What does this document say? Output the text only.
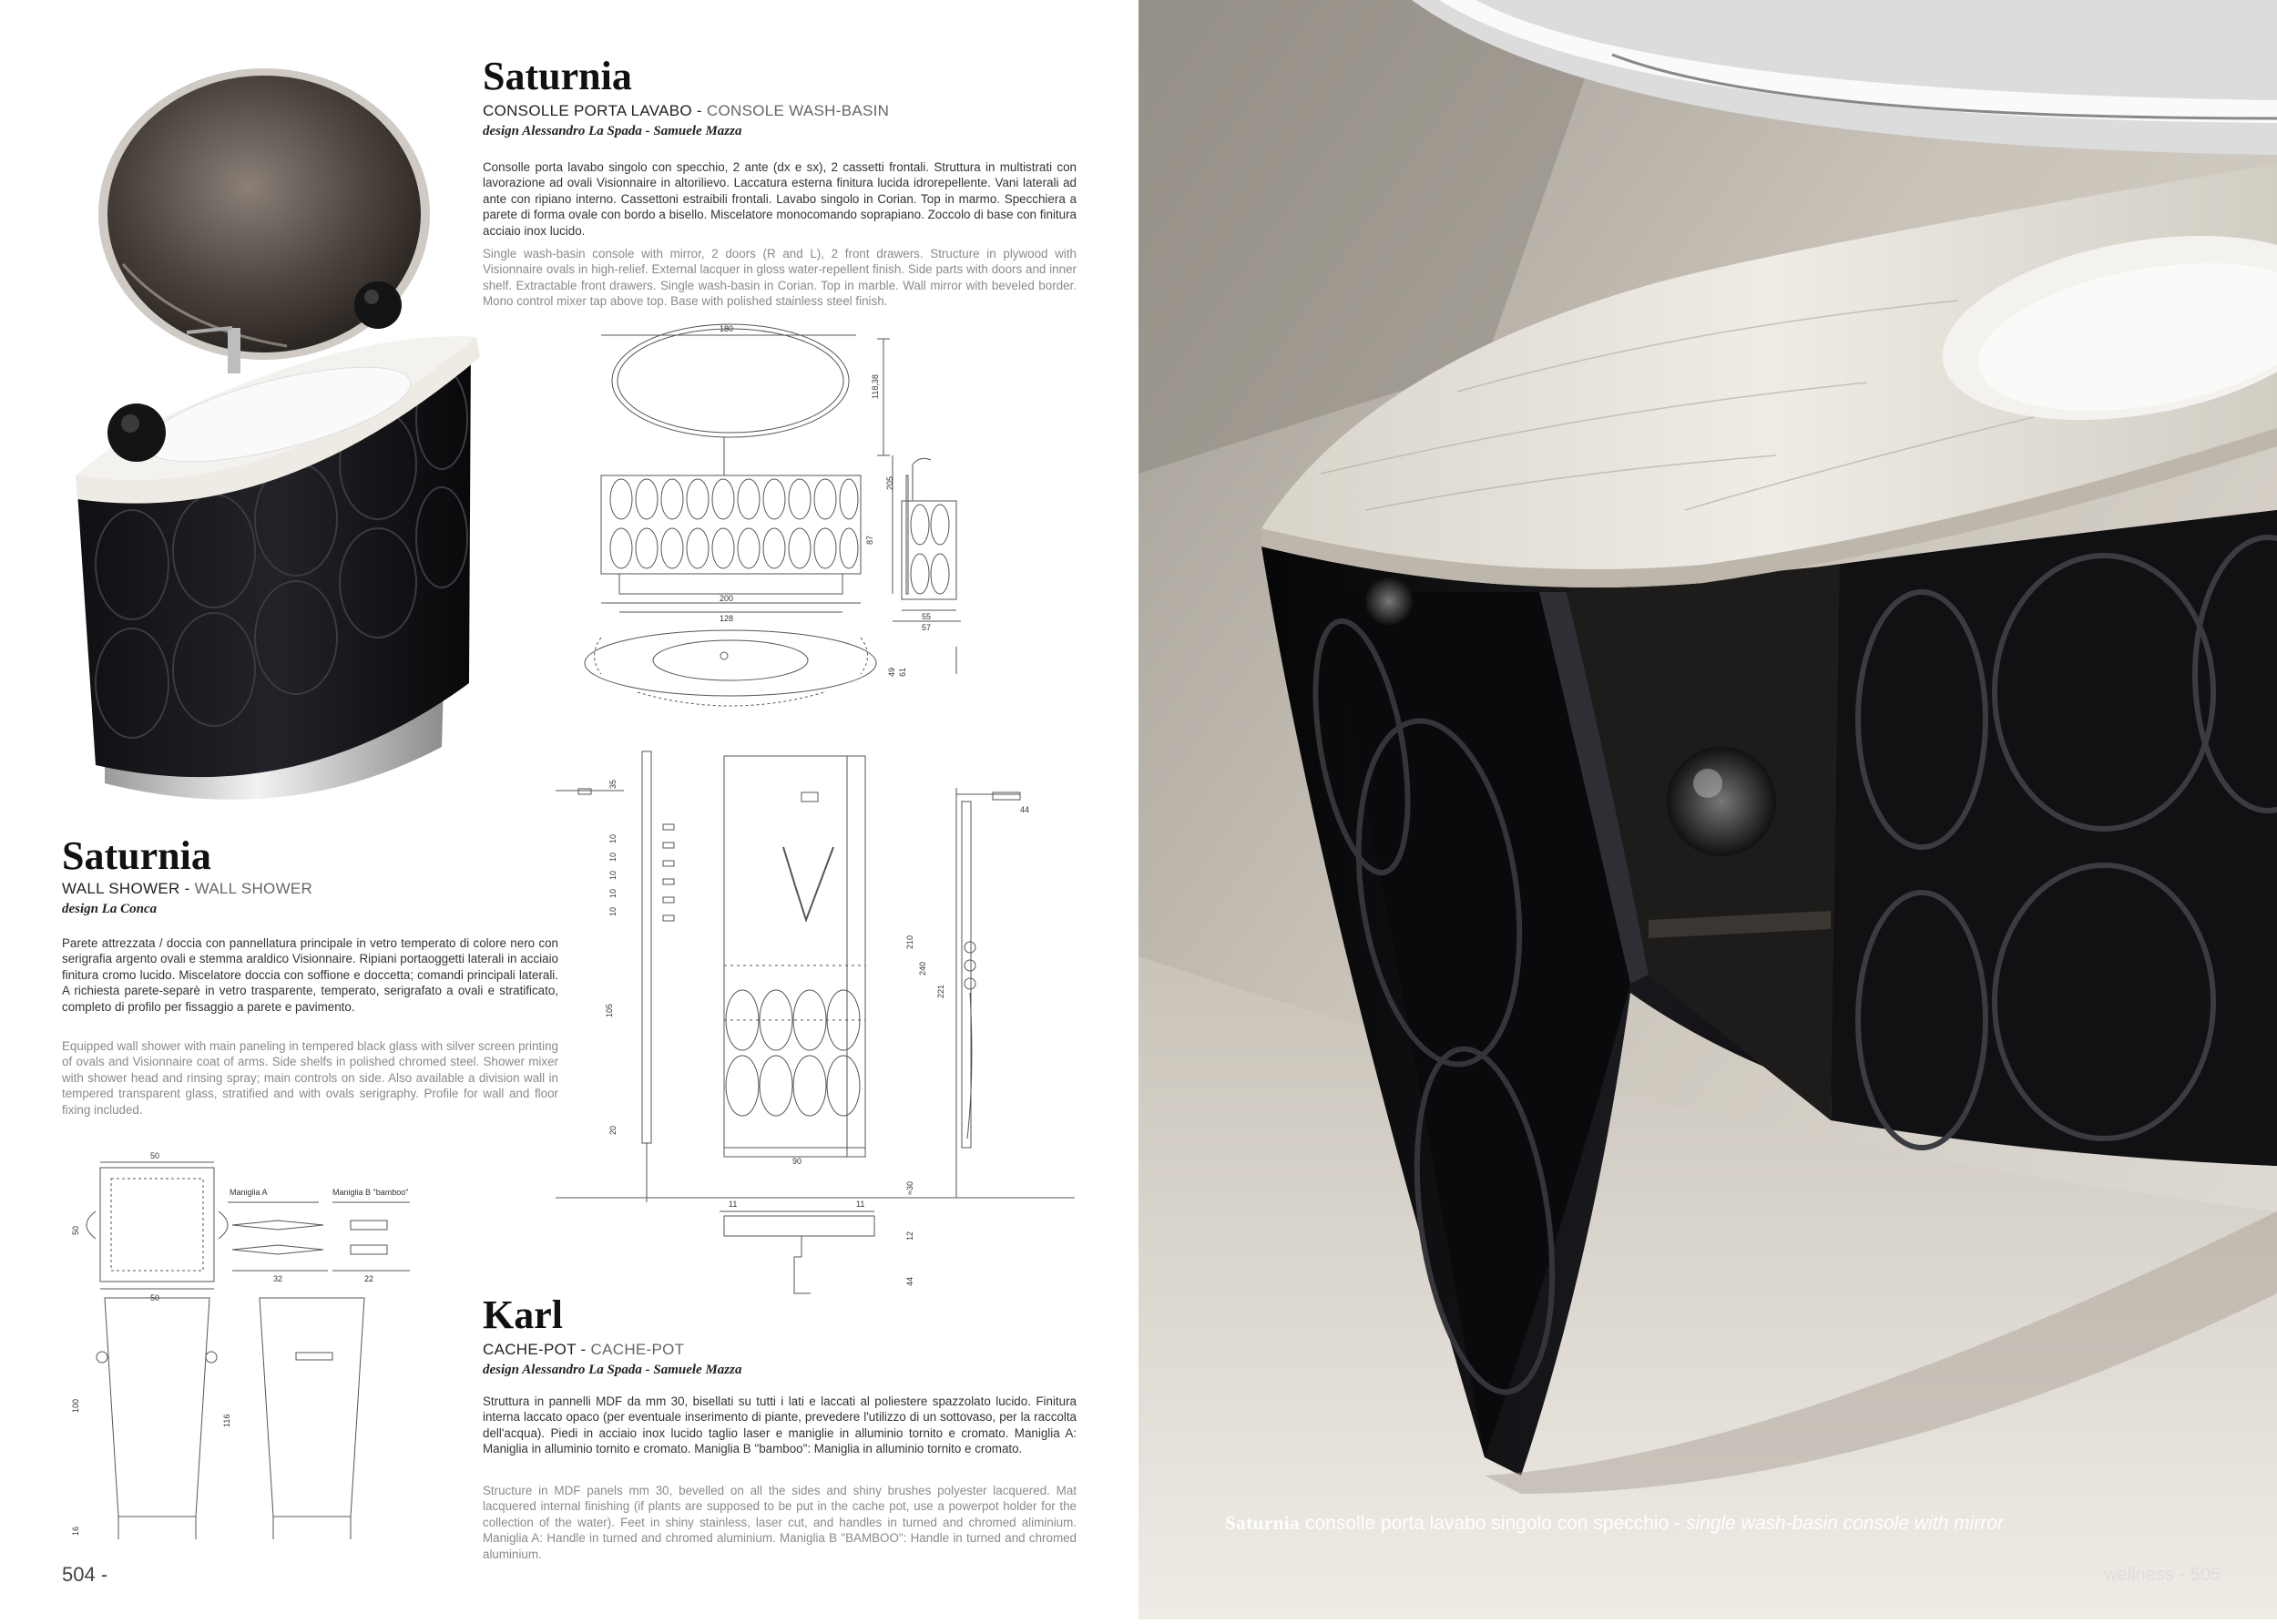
Saturnia
CONSOLLE PORTA LAVABO - CONSOLE WASH-BASIN
design Alessandro La Spada - Samuele Mazza
Consolle porta lavabo singolo con specchio, 2 ante (dx e sx), 2 cassetti frontali. Struttura in multistrati con lavorazione ad ovali Visionnaire in altorilievo. Laccatura esterna finitura lucida idrorepellente. Vani laterali ad ante con ripiano interno. Cassettoni estraibili frontali. Lavabo singolo in Corian. Top in marmo. Specchiera a parete di forma ovale con bordo a bisello. Miscelatore monocomando soprapiano. Zoccolo di base con finitura acciaio inox lucido.
Single wash-basin console with mirror, 2 doors (R and L), 2 front drawers. Structure in plywood with Visionnaire ovals in high-relief. External lacquer in gloss water-repellent finish. Side parts with doors and inner shelf. Extractable front drawers. Single wash-basin in Corian. Top in marble. Wall mirror with beveled border. Mono control mixer tap above top. Base with polished stainless steel finish.
180
200
128
87
118,38
205
55
57
49 61
Saturnia
WALL SHOWER - WALL SHOWER
design La Conca
Parete attrezzata / doccia con pannellatura principale in vetro temperato di colore nero con serigrafia argento ovali e stemma araldico Visionnaire. Ripiani portaoggetti laterali in acciaio finitura cromo lucido. Miscelatore doccia con soffione e doccetta; comandi principali laterali. A richiesta parete-separè in vetro trasparente, temperato, serigrafato a ovali e stratificato, completo di profilo per fissaggio a parete e pavimento.
Equipped wall shower with main paneling in tempered black glass with silver screen printing of ovals and Visionnaire coat of arms. Side shelfs in polished chromed steel. Shower mixer with shower head and rinsing spray; main controls on side. Also available a division wall in tempered transparent glass, stratified and with ovals serigraphy. Profile for wall and floor fixing included.
35
10
10
10
10
10
105
20
90
210
240
221
44
≈30
11	11
12
44
50
50
50
Maniglia A	Maniglia B "bamboo"
32	22
100
116
16
Karl
CACHE-POT - CACHE-POT
design Alessandro La Spada - Samuele Mazza
Struttura in pannelli MDF da mm 30, bisellati su tutti i lati e laccati al poliestere spazzolato lucido. Finitura interna laccato opaco (per eventuale inserimento di piante, prevedere l'utilizzo di un sottovaso, per la raccolta dell'acqua). Piedi in acciaio inox lucido taglio laser e maniglie in alluminio tornito e cromato. Maniglia A: Maniglia in alluminio tornito e cromato. Maniglia B "bamboo": Maniglia in alluminio tornito e cromato.
Structure in MDF panels mm 30, bevelled on all the sides and shiny brushes polyester lacquered. Mat lacquered internal finishing (if plants are supposed to be put in the cache pot, use a powerpot holder for the collection of the water). Feet in shiny stainless, laser cut, and handles in turned and chromed aliminium. Maniglia A: Handle in turned and chromed aluminium. Maniglia B "BAMBOO": Handle in turned and chromed aluminium.
504 -
Saturnia consolle porta lavabo singolo con specchio - single wash-basin console with mirror
wellness - 505
